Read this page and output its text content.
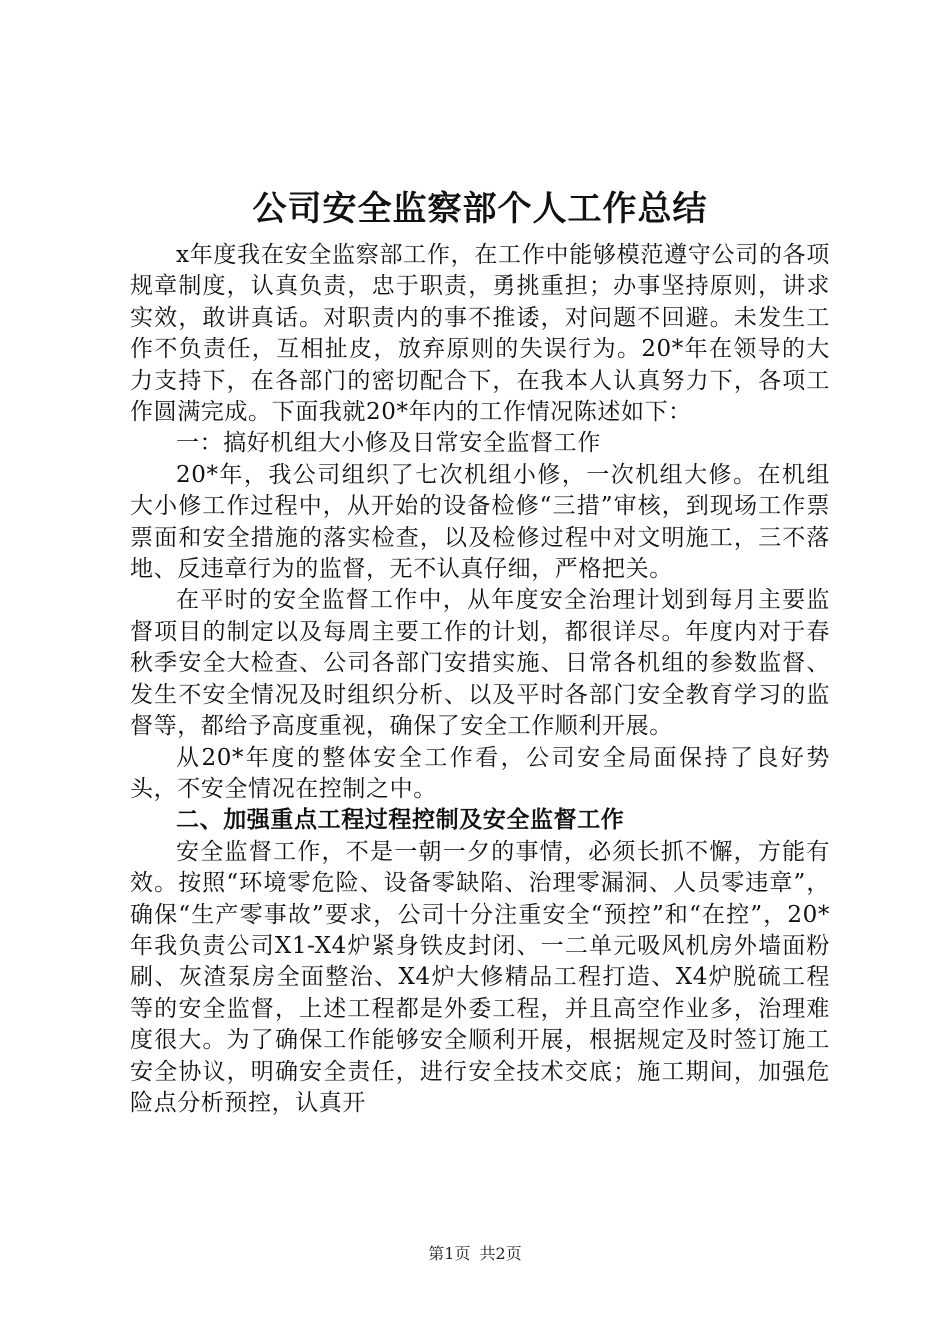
公司安全监察部个人工作总结

x年度我在安全监察部工作，在工作中能够模范遵守公司的各项规章制度，认真负责，忠于职责，勇挑重担；办事坚持原则，讲求实效，敢讲真话。对职责内的事不推诿，对问题不回避。未发生工作不负责任，互相扯皮，放弃原则的失误行为。20*年在领导的大力支持下，在各部门的密切配合下，在我本人认真努力下，各项工作圆满完成。下面我就20*年内的工作情况陈述如下：

一：搞好机组大小修及日常安全监督工作

20*年，我公司组织了七次机组小修，一次机组大修。在机组大小修工作过程中，从开始的设备检修“三措”审核，到现场工作票票面和安全措施的落实检查，以及检修过程中对文明施工，三不落地、反违章行为的监督，无不认真仔细，严格把关。

在平时的安全监督工作中，从年度安全治理计划到每月主要监督项目的制定以及每周主要工作的计划，都很详尽。年度内对于春秋季安全大检查、公司各部门安措实施、日常各机组的参数监督、发生不安全情况及时组织分析、以及平时各部门安全教育学习的监督等，都给予高度重视，确保了安全工作顺利开展。

从20*年度的整体安全工作看，公司安全局面保持了良好势头，不安全情况在控制之中。

二、加强重点工程过程控制及安全监督工作

安全监督工作，不是一朝一夕的事情，必须长抓不懈，方能有效。按照“环境零危险、设备零缺陷、治理零漏洞、人员零违章”，确保“生产零事故”要求，公司十分注重安全“预控”和“在控”，20*年我负责公司X1-X4炉紧身铁皮封闭、一二单元吸风机房外墙面粉刷、灰渣泵房全面整治、X4炉大修精品工程打造、X4炉脱硫工程等的安全监督，上述工程都是外委工程，并且高空作业多，治理难度很大。为了确保工作能够安全顺利开展，根据规定及时签订施工安全协议，明确安全责任，进行安全技术交底；施工期间，加强危险点分析预控，认真开

第1页 共2页
